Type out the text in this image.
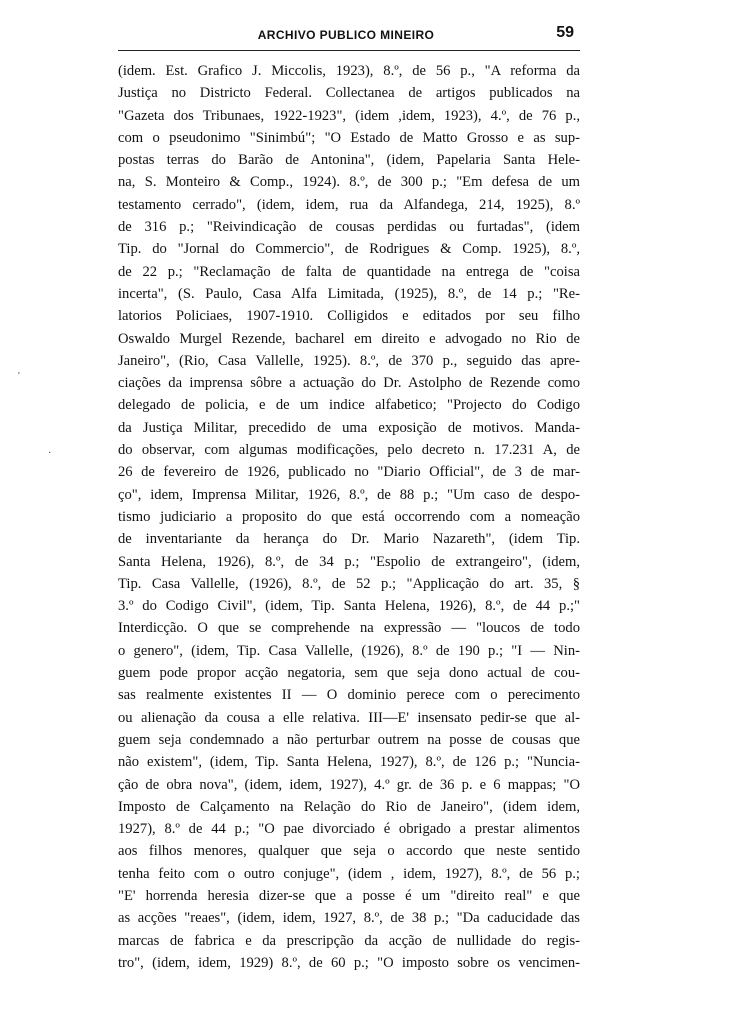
ARCHIVO PUBLICO MINEIRO	59
'
·
(idem. Est. Grafico J. Miccolis, 1923), 8.º, de 56 p., "A reforma da
Justiça no Districto Federal. Collectanea de artigos publicados na
"Gazeta dos Tribunaes, 1922-1923", (idem ,idem, 1923), 4.º, de 76 p.,
com o pseudonimo "Sinimbú"; "O Estado de Matto Grosso e as sup-
postas terras do Barão de Antonina", (idem, Papelaria Santa Hele-
na, S. Monteiro & Comp., 1924). 8.º, de 300 p.; "Em defesa de um
testamento cerrado", (idem, idem, rua da Alfandega, 214, 1925), 8.º
de 316 p.; "Reivindicação de cousas perdidas ou furtadas", (idem
Tip. do "Jornal do Commercio", de Rodrigues & Comp. 1925), 8.º,
de 22 p.; "Reclamação de falta de quantidade na entrega de "coisa
incerta", (S. Paulo, Casa Alfa Limitada, (1925), 8.º, de 14 p.; "Re-
latorios Policiaes, 1907-1910. Colligidos e editados por seu filho
Oswaldo Murgel Rezende, bacharel em direito e advogado no Rio de
Janeiro", (Rio, Casa Vallelle, 1925). 8.º, de 370 p., seguido das apre-
ciações da imprensa sôbre a actuação do Dr. Astolpho de Rezende como
delegado de policia, e de um indice alfabetico; "Projecto do Codigo
da Justiça Militar, precedido de uma exposição de motivos. Manda-
do observar, com algumas modificações, pelo decreto n. 17.231 A, de
26 de fevereiro de 1926, publicado no "Diario Official", de 3 de mar-
ço", idem, Imprensa Militar, 1926, 8.º, de 88 p.; "Um caso de despo-
tismo judiciario a proposito do que está occorrendo com a nomeação
de inventariante da herança do Dr. Mario Nazareth", (idem Tip.
Santa Helena, 1926), 8.º, de 34 p.; "Espolio de extrangeiro", (idem,
Tip. Casa Vallelle, (1926), 8.º, de 52 p.; "Applicação do art. 35, §
3.º do Codigo Civil", (idem, Tip. Santa Helena, 1926), 8.º, de 44 p.;"
Interdicção. O que se comprehende na expressão — "loucos de todo
o genero", (idem, Tip. Casa Vallelle, (1926), 8.º de 190 p.; "I — Nin-
guem pode propor acção negatoria, sem que seja dono actual de cou-
sas realmente existentes II — O dominio perece com o perecimento
ou alienação da cousa a elle relativa. III—E' insensato pedir-se que al-
guem seja condemnado a não perturbar outrem na posse de cousas que
não existem", (idem, Tip. Santa Helena, 1927), 8.º, de 126 p.; "Nuncia-
ção de obra nova", (idem, idem, 1927), 4.º gr. de 36 p. e 6 mappas; "O
Imposto de Calçamento na Relação do Rio de Janeiro", (idem idem,
1927), 8.º de 44 p.; "O pae divorciado é obrigado a prestar alimentos
aos filhos menores, qualquer que seja o accordo que neste sentido
tenha feito com o outro conjuge", (idem , idem, 1927), 8.º, de 56 p.;
"E' horrenda heresia dizer-se que a posse é um "direito real" e que
as acções "reaes", (idem, idem, 1927, 8.º, de 38 p.; "Da caducidade das
marcas de fabrica e da prescripção da acção de nullidade do regis-
tro", (idem, idem, 1929) 8.º, de 60 p.; "O imposto sobre os vencimen-
